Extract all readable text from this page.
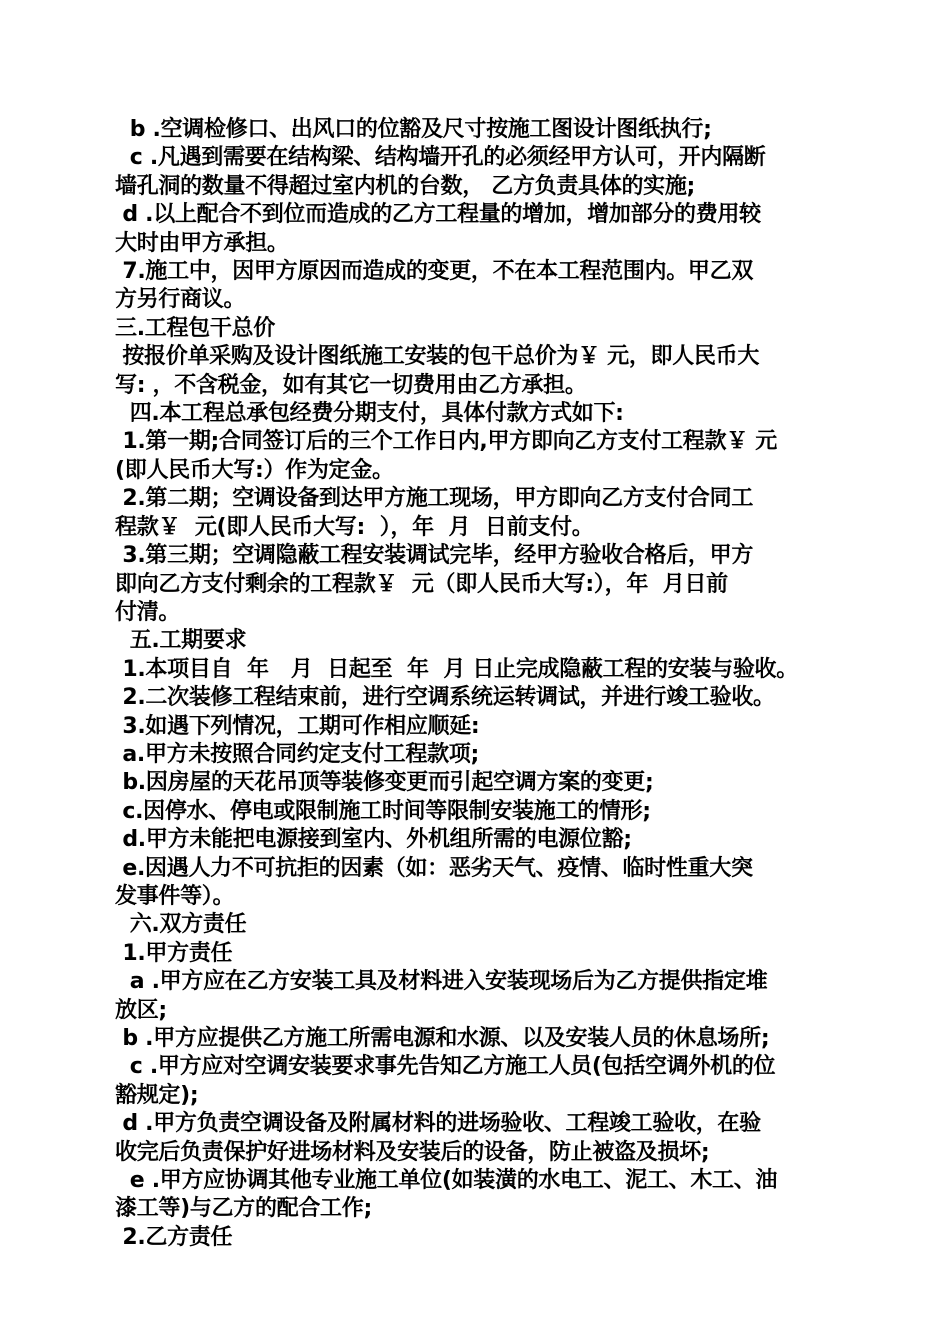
b .空调检修口、出风口的位豁及尺寸按施工图设计图纸执行;
c .凡遇到需要在结构梁、结构墙开孔的必须经甲方认可，开内隔断
墙孔洞的数量不得超过室内机的台数， 乙方负责具体的实施;
d .以上配合不到位而造成的乙方工程量的增加，增加部分的费用较
大时由甲方承担。
7.施工中，因甲方原因而造成的变更，不在本工程范围内。甲乙双
方另行商议。
三.工程包干总价
按报价单采购及设计图纸施工安装的包干总价为￥ 元，即人民币大
写: ，不含税金，如有其它一切费用由乙方承担。
四.本工程总承包经费分期支付，具体付款方式如下:
1.第一期;合同签订后的三个工作日内,甲方即向乙方支付工程款￥ 元
(即人民币大写:）作为定金。
2.第二期；空调设备到达甲方施工现场，甲方即向乙方支付合同工
程款￥  元(即人民币大写:  ），年  月  日前支付。
3.第三期；空调隐蔽工程安装调试完毕，经甲方验收合格后，甲方
即向乙方支付剩余的工程款￥  元（即人民币大写:），年  月日前
付清。
五.工期要求
1.本项目自  年   月  日起至  年  月 日止完成隐蔽工程的安装与验收。
2.二次装修工程结束前，进行空调系统运转调试，并进行竣工验收。
3.如遇下列情况，工期可作相应顺延:
a.甲方未按照合同约定支付工程款项;
b.因房屋的天花吊顶等装修变更而引起空调方案的变更;
c.因停水、停电或限制施工时间等限制安装施工的情形;
d.甲方未能把电源接到室内、外机组所需的电源位豁;
e.因遇人力不可抗拒的因素（如：恶劣天气、疫情、临时性重大突
发事件等）。
六.双方责任
1.甲方责任
a .甲方应在乙方安装工具及材料进入安装现场后为乙方提供指定堆
放区;
b .甲方应提供乙方施工所需电源和水源、以及安装人员的休息场所;
c .甲方应对空调安装要求事先告知乙方施工人员(包括空调外机的位
豁规定);
d .甲方负责空调设备及附属材料的进场验收、工程竣工验收，在验
收完后负责保护好进场材料及安装后的设备，防止被盗及损坏;
e .甲方应协调其他专业施工单位(如装潢的水电工、泥工、木工、油
漆工等)与乙方的配合工作;
2.乙方责任
